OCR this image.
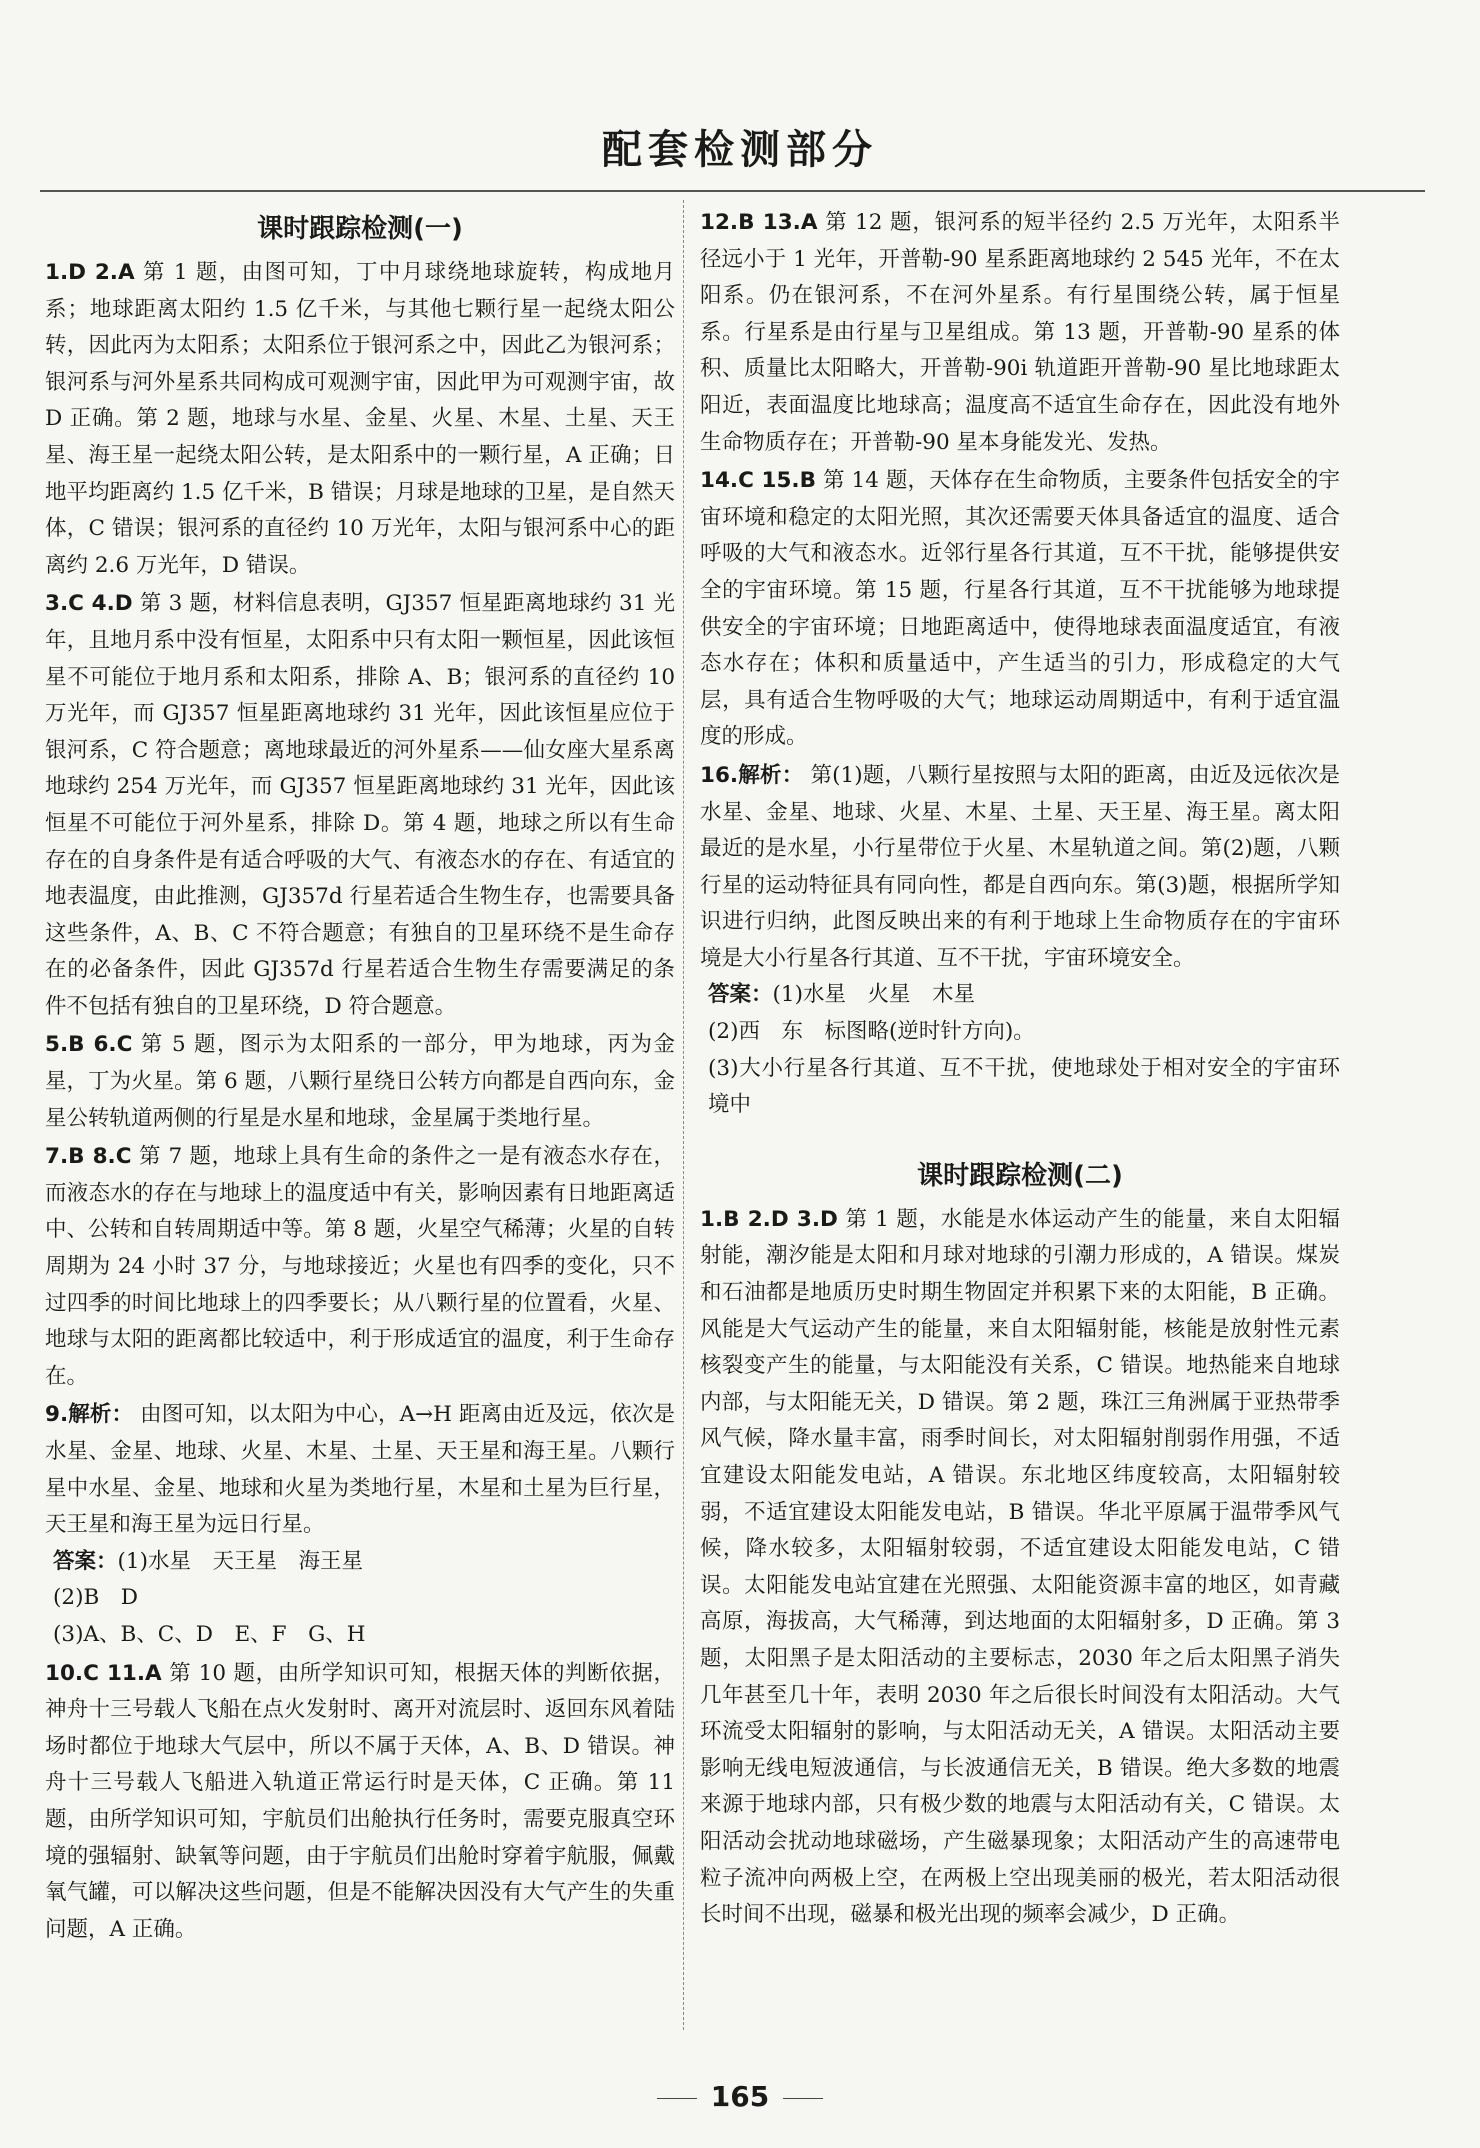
配套检测部分
课时跟踪检测(一)
1.D 2.A 第 1 题，由图可知，丁中月球绕地球旋转，构成地月系；地球距离太阳约 1.5 亿千米，与其他七颗行星一起绕太阳公转，因此丙为太阳系；太阳系位于银河系之中，因此乙为银河系；银河系与河外星系共同构成可观测宇宙，因此甲为可观测宇宙，故 D 正确。第 2 题，地球与水星、金星、火星、木星、土星、天王星、海王星一起绕太阳公转，是太阳系中的一颗行星，A 正确；日地平均距离约 1.5 亿千米，B 错误；月球是地球的卫星，是自然天体，C 错误；银河系的直径约 10 万光年，太阳与银河系中心的距离约 2.6 万光年，D 错误。
3.C 4.D 第 3 题，材料信息表明，GJ357 恒星距离地球约 31 光年，且地月系中没有恒星，太阳系中只有太阳一颗恒星，因此该恒星不可能位于地月系和太阳系，排除 A、B；银河系的直径约 10 万光年，而 GJ357 恒星距离地球约 31 光年，因此该恒星应位于银河系，C 符合题意；离地球最近的河外星系——仙女座大星系离地球约 254 万光年，而 GJ357 恒星距离地球约 31 光年，因此该恒星不可能位于河外星系，排除 D。第 4 题，地球之所以有生命存在的自身条件是有适合呼吸的大气、有液态水的存在、有适宜的地表温度，由此推测，GJ357d 行星若适合生物生存，也需要具备这些条件，A、B、C 不符合题意；有独自的卫星环绕不是生命存在的必备条件，因此 GJ357d 行星若适合生物生存需要满足的条件不包括有独自的卫星环绕，D 符合题意。
5.B 6.C 第 5 题，图示为太阳系的一部分，甲为地球，丙为金星，丁为火星。第 6 题，八颗行星绕日公转方向都是自西向东，金星公转轨道两侧的行星是水星和地球，金星属于类地行星。
7.B 8.C 第 7 题，地球上具有生命的条件之一是有液态水存在，而液态水的存在与地球上的温度适中有关，影响因素有日地距离适中、公转和自转周期适中等。第 8 题，火星空气稀薄；火星的自转周期为 24 小时 37 分，与地球接近；火星也有四季的变化，只不过四季的时间比地球上的四季要长；从八颗行星的位置看，火星、地球与太阳的距离都比较适中，利于形成适宜的温度，利于生命存在。
9.解析： 由图可知，以太阳为中心，A→H 距离由近及远，依次是水星、金星、地球、火星、木星、土星、天王星和海王星。八颗行星中水星、金星、地球和火星为类地行星，木星和土星为巨行星，天王星和海王星为远日行星。

答案：(1)水星　天王星　海王星

(2)B　D

(3)A、B、C、D　E、F　G、H

10.C 11.A 第 10 题，由所学知识可知，根据天体的判断依据，神舟十三号载人飞船在点火发射时、离开对流层时、返回东风着陆场时都位于地球大气层中，所以不属于天体，A、B、D 错误。神舟十三号载人飞船进入轨道正常运行时是天体，C 正确。第 11 题，由所学知识可知，宇航员们出舱执行任务时，需要克服真空环境的强辐射、缺氧等问题，由于宇航员们出舱时穿着宇航服，佩戴氧气罐，可以解决这些问题，但是不能解决因没有大气产生的失重问题，A 正确。
12.B 13.A 第 12 题，银河系的短半径约 2.5 万光年，太阳系半径远小于 1 光年，开普勒-90 星系距离地球约 2 545 光年，不在太阳系。仍在银河系，不在河外星系。有行星围绕公转，属于恒星系。行星系是由行星与卫星组成。第 13 题，开普勒-90 星系的体积、质量比太阳略大，开普勒-90i 轨道距开普勒-90 星比地球距太阳近，表面温度比地球高；温度高不适宜生命存在，因此没有地外生命物质存在；开普勒-90 星本身能发光、发热。
14.C 15.B 第 14 题，天体存在生命物质，主要条件包括安全的宇宙环境和稳定的太阳光照，其次还需要天体具备适宜的温度、适合呼吸的大气和液态水。近邻行星各行其道，互不干扰，能够提供安全的宇宙环境。第 15 题，行星各行其道，互不干扰能够为地球提供安全的宇宙环境；日地距离适中，使得地球表面温度适宜，有液态水存在；体积和质量适中，产生适当的引力，形成稳定的大气层，具有适合生物呼吸的大气；地球运动周期适中，有利于适宜温度的形成。
16.解析： 第(1)题，八颗行星按照与太阳的距离，由近及远依次是水星、金星、地球、火星、木星、土星、天王星、海王星。离太阳最近的是水星，小行星带位于火星、木星轨道之间。第(2)题，八颗行星的运动特征具有同向性，都是自西向东。第(3)题，根据所学知识进行归纳，此图反映出来的有利于地球上生命物质存在的宇宙环境是大小行星各行其道、互不干扰，宇宙环境安全。

答案：(1)水星　火星　木星

(2)西　东　标图略(逆时针方向)。

(3)大小行星各行其道、互不干扰，使地球处于相对安全的宇宙环境中

课时跟踪检测(二)
1.B 2.D 3.D 第 1 题，水能是水体运动产生的能量，来自太阳辐射能，潮汐能是太阳和月球对地球的引潮力形成的，A 错误。煤炭和石油都是地质历史时期生物固定并积累下来的太阳能，B 正确。风能是大气运动产生的能量，来自太阳辐射能，核能是放射性元素核裂变产生的能量，与太阳能没有关系，C 错误。地热能来自地球内部，与太阳能无关，D 错误。第 2 题，珠江三角洲属于亚热带季风气候，降水量丰富，雨季时间长，对太阳辐射削弱作用强，不适宜建设太阳能发电站，A 错误。东北地区纬度较高，太阳辐射较弱，不适宜建设太阳能发电站，B 错误。华北平原属于温带季风气候，降水较多，太阳辐射较弱，不适宜建设太阳能发电站，C 错误。太阳能发电站宜建在光照强、太阳能资源丰富的地区，如青藏高原，海拔高，大气稀薄，到达地面的太阳辐射多，D 正确。第 3 题，太阳黑子是太阳活动的主要标志，2030 年之后太阳黑子消失几年甚至几十年，表明 2030 年之后很长时间没有太阳活动。大气环流受太阳辐射的影响，与太阳活动无关，A 错误。太阳活动主要影响无线电短波通信，与长波通信无关，B 错误。绝大多数的地震来源于地球内部，只有极少数的地震与太阳活动有关，C 错误。太阳活动会扰动地球磁场，产生磁暴现象；太阳活动产生的高速带电粒子流冲向两极上空，在两极上空出现美丽的极光，若太阳活动很长时间不出现，磁暴和极光出现的频率会减少，D 正确。
165
